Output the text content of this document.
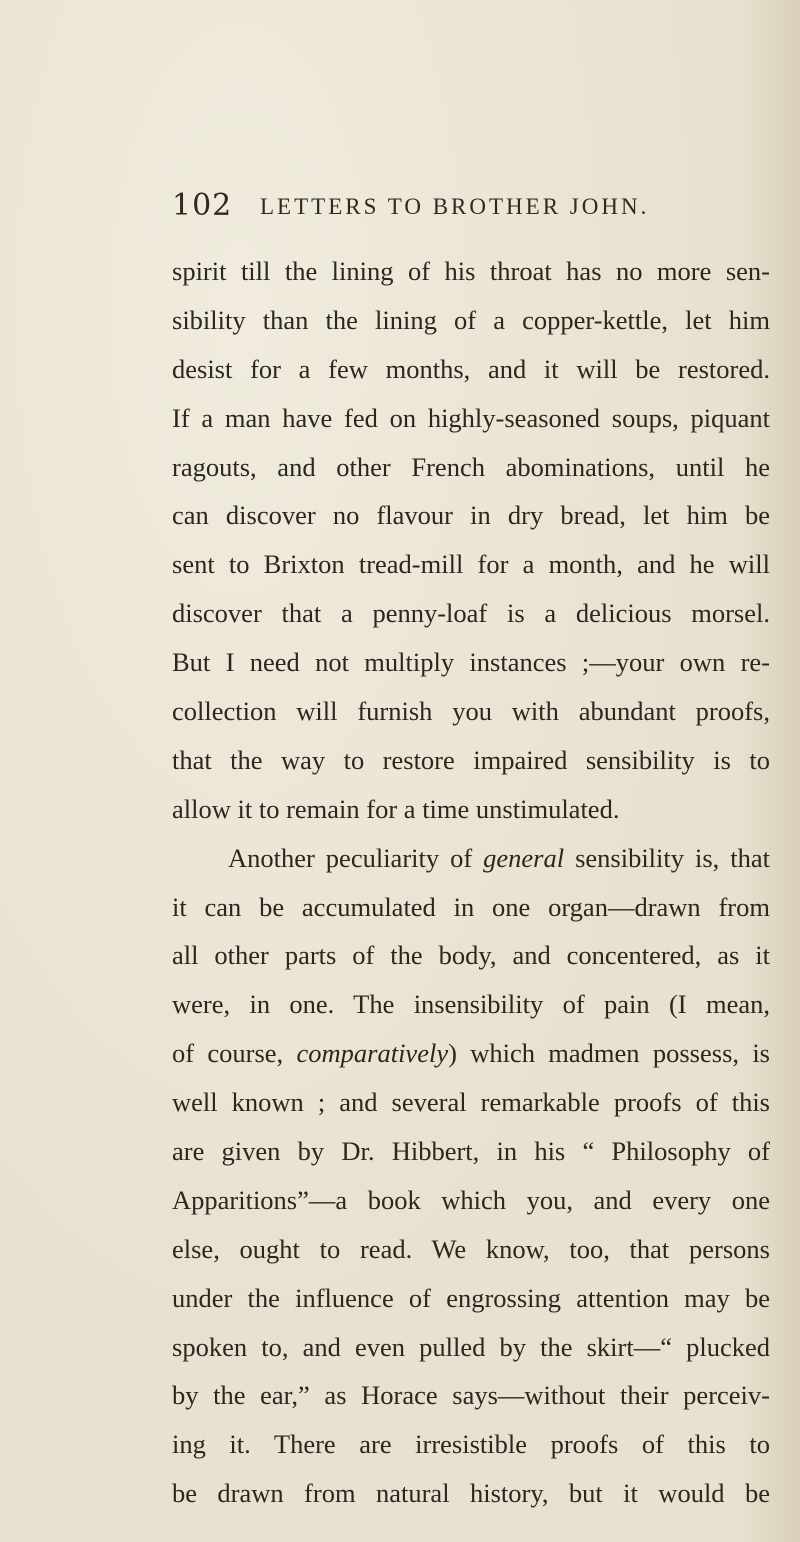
102 LETTERS TO BROTHER JOHN.
spirit till the lining of his throat has no more sen-
sibility than the lining of a copper-kettle, let him
desist for a few months, and it will be restored.
If a man have fed on highly-seasoned soups, piquant
ragouts, and other French abominations, until he
can discover no flavour in dry bread, let him be
sent to Brixton tread-mill for a month, and he will
discover that a penny-loaf is a delicious morsel.
But I need not multiply instances ;—your own re-
collection will furnish you with abundant proofs,
that the way to restore impaired sensibility is to
allow it to remain for a time unstimulated.
Another peculiarity of general sensibility is, that
it can be accumulated in one organ—drawn from
all other parts of the body, and concentered, as it
were, in one. The insensibility of pain (I mean,
of course, comparatively) which madmen possess, is
well known ; and several remarkable proofs of this
are given by Dr. Hibbert, in his “ Philosophy of
Apparitions”—a book which you, and every one
else, ought to read. We know, too, that persons
under the influence of engrossing attention may be
spoken to, and even pulled by the skirt—“ plucked
by the ear,” as Horace says—without their perceiv-
ing it. There are irresistible proofs of this to
be drawn from natural history, but it would be
